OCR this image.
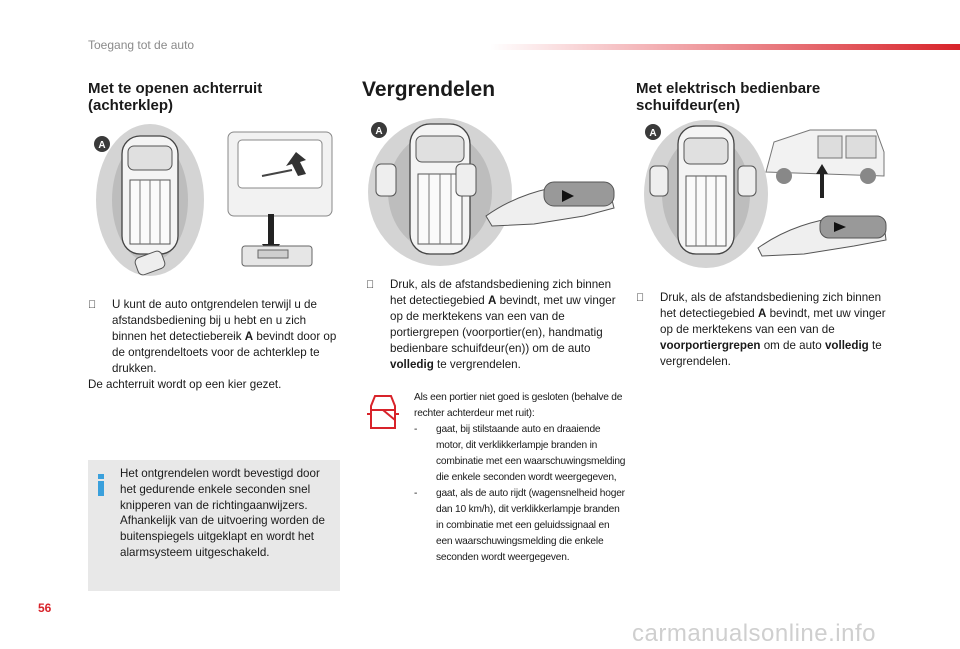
Toegang tot de auto
Met te openen achterruit (achterklep)
A
U kunt de auto ontgrendelen terwijl u de afstandsbediening bij u hebt en u zich binnen het detectiebereik A bevindt door op de ontgrendeltoets voor de achterklep te drukken.
De achterruit wordt op een kier gezet.
Het ontgrendelen wordt bevestigd door het gedurende enkele seconden snel knipperen van de richtingaanwijzers. Afhankelijk van de uitvoering worden de buitenspiegels uitgeklapt en wordt het alarmsysteem uitgeschakeld.
Vergrendelen
A
Druk, als de afstandsbediening zich binnen het detectiegebied A bevindt, met uw vinger op de merktekens van een van de portiergrepen (voorportier(en), handmatig bedienbare schuifdeur(en)) om de auto volledig te vergrendelen.
Als een portier niet goed is gesloten (behalve de rechter achterdeur met ruit):
- gaat, bij stilstaande auto en draaiende motor, dit verklikkerlampje branden in combinatie met een waarschuwingsmelding die enkele seconden wordt weergegeven,
- gaat, als de auto rijdt (wagensnelheid hoger dan 10 km/h), dit verklikkerlampje branden in combinatie met een geluidssignaal en een waarschuwingsmelding die enkele seconden wordt weergegeven.
Met elektrisch bedienbare schuifdeur(en)
A
Druk, als de afstandsbediening zich binnen het detectiegebied A bevindt, met uw vinger op de merktekens van een van de voorportiergrepen om de auto volledig te vergrendelen.
56
carmanualsonline.info
